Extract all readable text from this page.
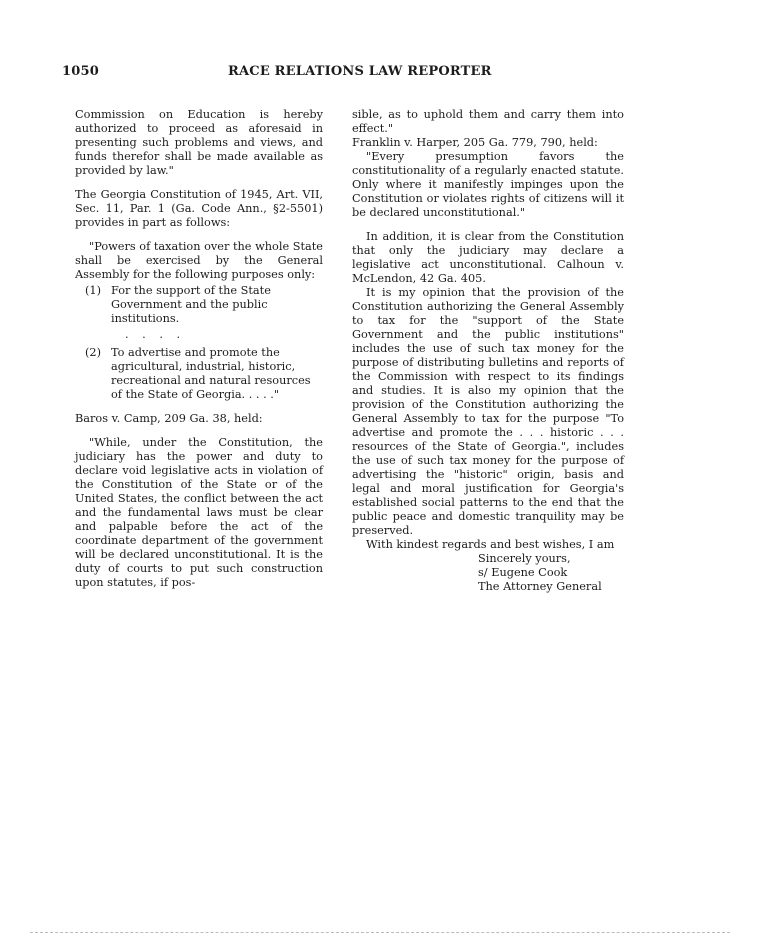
1050	RACE RELATIONS LAW REPORTER

Commission on Education is hereby authorized to proceed as aforesaid in presenting such problems and views, and funds therefor shall be made available as provided by law."

The Georgia Constitution of 1945, Art. VII, Sec. 11, Par. 1 (Ga. Code Ann., §2-5501) provides in part as follows:

"Powers of taxation over the whole State shall be exercised by the General Assembly for the following purposes only:

(1) For the support of the State Government and the public institutions.
. . . .
(2) To advertise and promote the agricultural, industrial, historic, recreational and natural resources of the State of Georgia. . . . ."

Baros v. Camp, 209 Ga. 38, held:

"While, under the Constitution, the judiciary has the power and duty to declare void legislative acts in violation of the Constitution of the State or of the United States, the conflict between the act and the fundamental laws must be clear and palpable before the act of the coordinate department of the government will be declared unconstitutional. It is the duty of courts to put such construction upon statutes, if pos-

sible, as to uphold them and carry them into effect."

Franklin v. Harper, 205 Ga. 779, 790, held:

"Every presumption favors the constitutionality of a regularly enacted statute. Only where it manifestly impinges upon the Constitution or violates rights of citizens will it be declared unconstitutional."

In addition, it is clear from the Constitution that only the judiciary may declare a legislative act unconstitutional. Calhoun v. McLendon, 42 Ga. 405.

It is my opinion that the provision of the Constitution authorizing the General Assembly to tax for the "support of the State Government and the public institutions" includes the use of such tax money for the purpose of distributing bulletins and reports of the Commission with respect to its findings and studies. It is also my opinion that the provision of the Constitution authorizing the General Assembly to tax for the purpose "To advertise and promote the . . . historic . . . resources of the State of Georgia.", includes the use of such tax money for the purpose of advertising the "historic" origin, basis and legal and moral justification for Georgia's established social patterns to the end that the public peace and domestic tranquility may be preserved.

With kindest regards and best wishes, I am

Sincerely yours,
s/ Eugene Cook
The Attorney General
